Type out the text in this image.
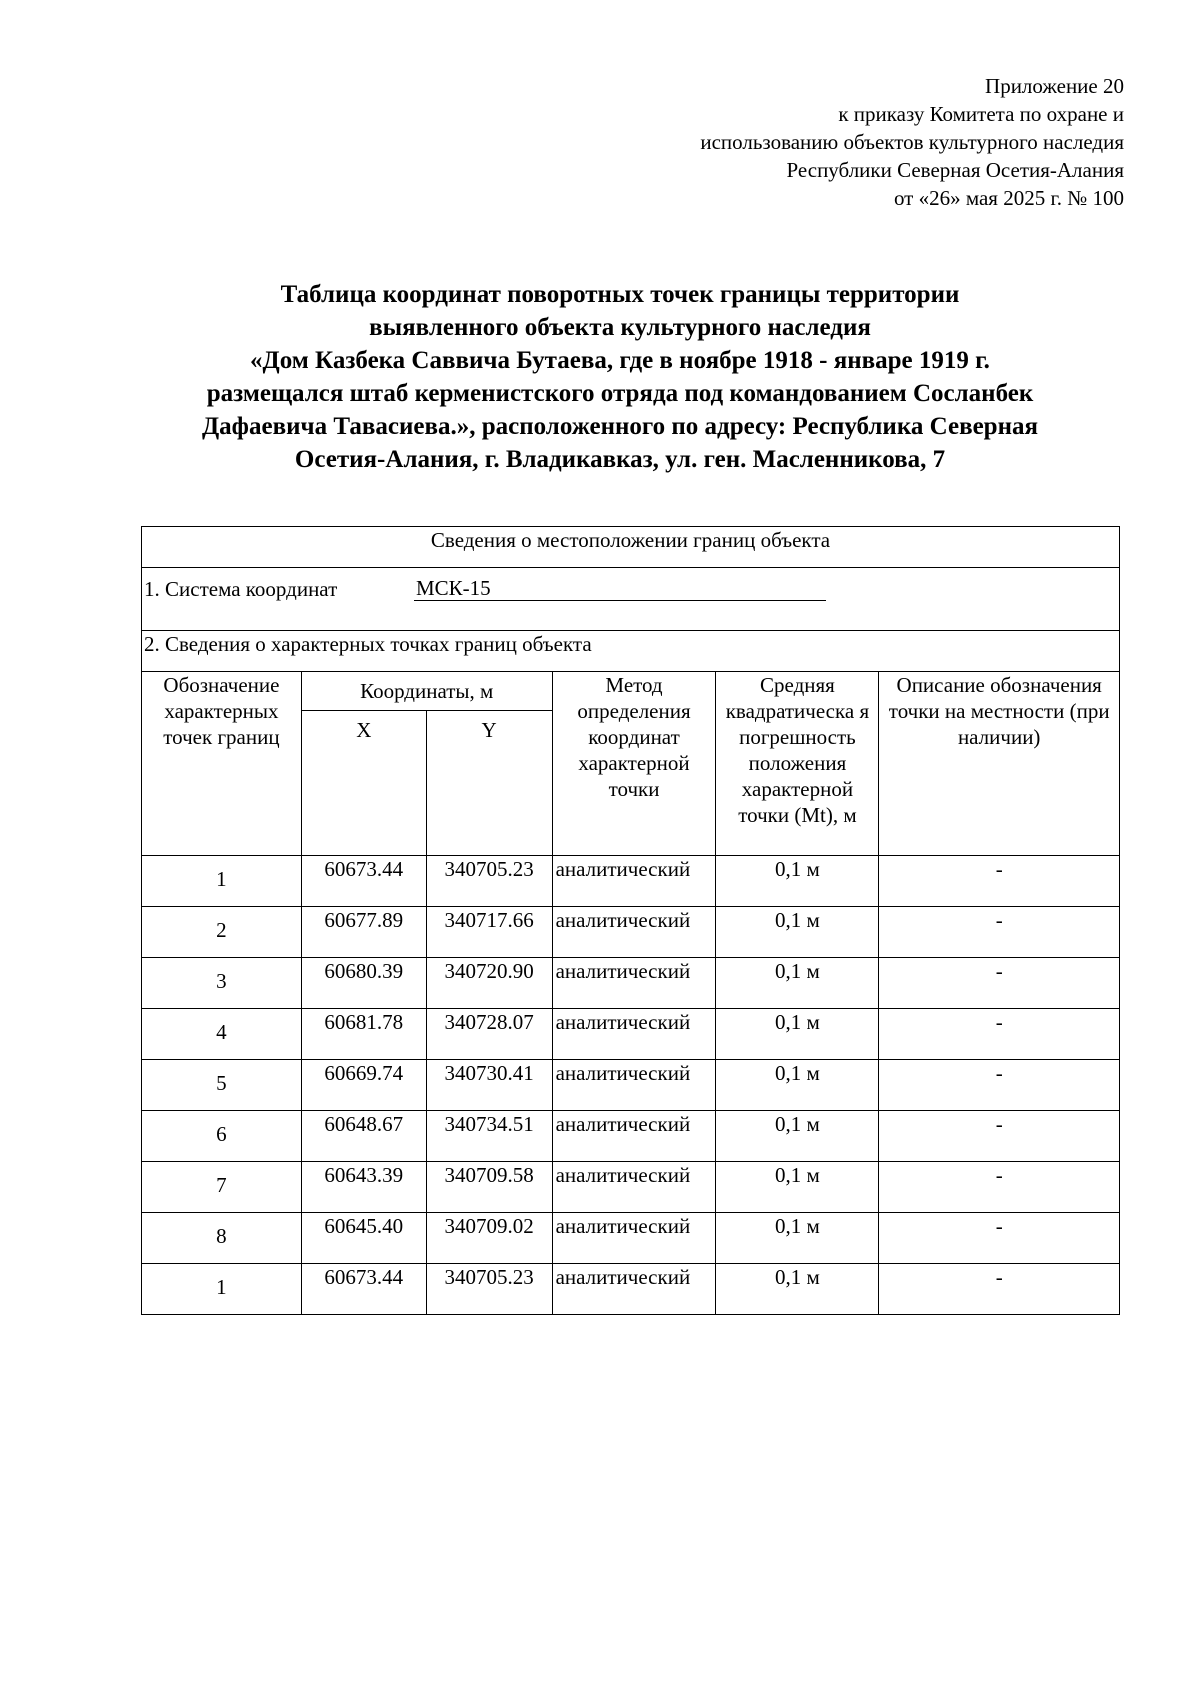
Приложение 20
к приказу Комитета по охране и
использованию объектов культурного наследия
Республики Северная Осетия-Алания
от «26» мая 2025 г. № 100
Таблица координат поворотных точек границы территории
выявленного объекта культурного наследия
«Дом Казбека Саввича Бутаева, где в ноябре 1918 - январе 1919 г.
размещался штаб керменистского отряда под командованием Сосланбек
Дафаевича Тавасиева.», расположенного по адресу: Республика Северная
Осетия-Алания, г. Владикавказ, ул. ген. Масленникова, 7
Сведения о местоположении границ объекта					

1. Система координат МСК-15					

2. Сведения о характерных точках границ объекта					
Обозначение характерных точек границ	Координаты, м		Метод определения координат характерной точки	Средняя квадратическа я погрешность положения характерной точки (Mt), м	Описание обозначения точки на местности (при наличии)
	X	Y			
1	60673.44	340705.23	аналитический	0,1 м	-
2	60677.89	340717.66	аналитический	0,1 м	-
3	60680.39	340720.90	аналитический	0,1 м	-
4	60681.78	340728.07	аналитический	0,1 м	-
5	60669.74	340730.41	аналитический	0,1 м	-
6	60648.67	340734.51	аналитический	0,1 м	-
7	60643.39	340709.58	аналитический	0,1 м	-
8	60645.40	340709.02	аналитический	0,1 м	-
1	60673.44	340705.23	аналитический	0,1 м	-
